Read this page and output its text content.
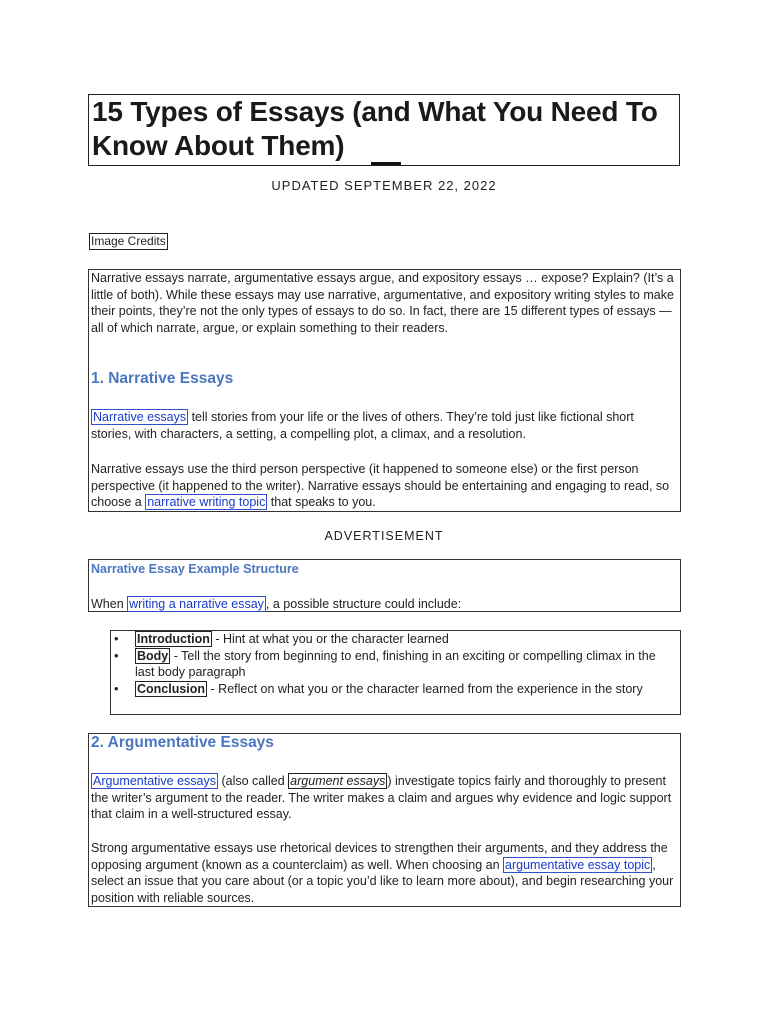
15 Types of Essays (and What You Need To Know About Them)
UPDATED SEPTEMBER 22, 2022
Image Credits

Narrative essays narrate, argumentative essays argue, and expository essays … expose? Explain? (It’s a little of both). While these essays may use narrative, argumentative, and expository writing styles to make their points, they’re not the only types of essays to do so. In fact, there are 15 different types of essays — all of which narrate, argue, or explain something to their readers.

1. Narrative Essays

Narrative essays tell stories from your life or the lives of others. They’re told just like fictional short stories, with characters, a setting, a compelling plot, a climax, and a resolution.

Narrative essays use the third person perspective (it happened to someone else) or the first person perspective (it happened to the writer). Narrative essays should be entertaining and engaging to read, so choose a narrative writing topic that speaks to you.

ADVERTISEMENT
Narrative Essay Example Structure

When writing a narrative essay , a possible structure could include:

• Introduction - Hint at what you or the character learned
• Body - Tell the story from beginning to end, finishing in an exciting or compelling climax in the last body paragraph
• Conclusion - Reflect on what you or the character learned from the experience in the story
2. Argumentative Essays

Argumentative essays (also called argument essays ) investigate topics fairly and thoroughly to present the writer’s argument to the reader. The writer makes a claim and argues why evidence and logic support that claim in a well-structured essay.

Strong argumentative essays use rhetorical devices to strengthen their arguments, and they address the opposing argument (known as a counterclaim) as well. When choosing an argumentative essay topic , select an issue that you care about (or a topic you’d like to learn more about), and begin researching your position with reliable sources.
